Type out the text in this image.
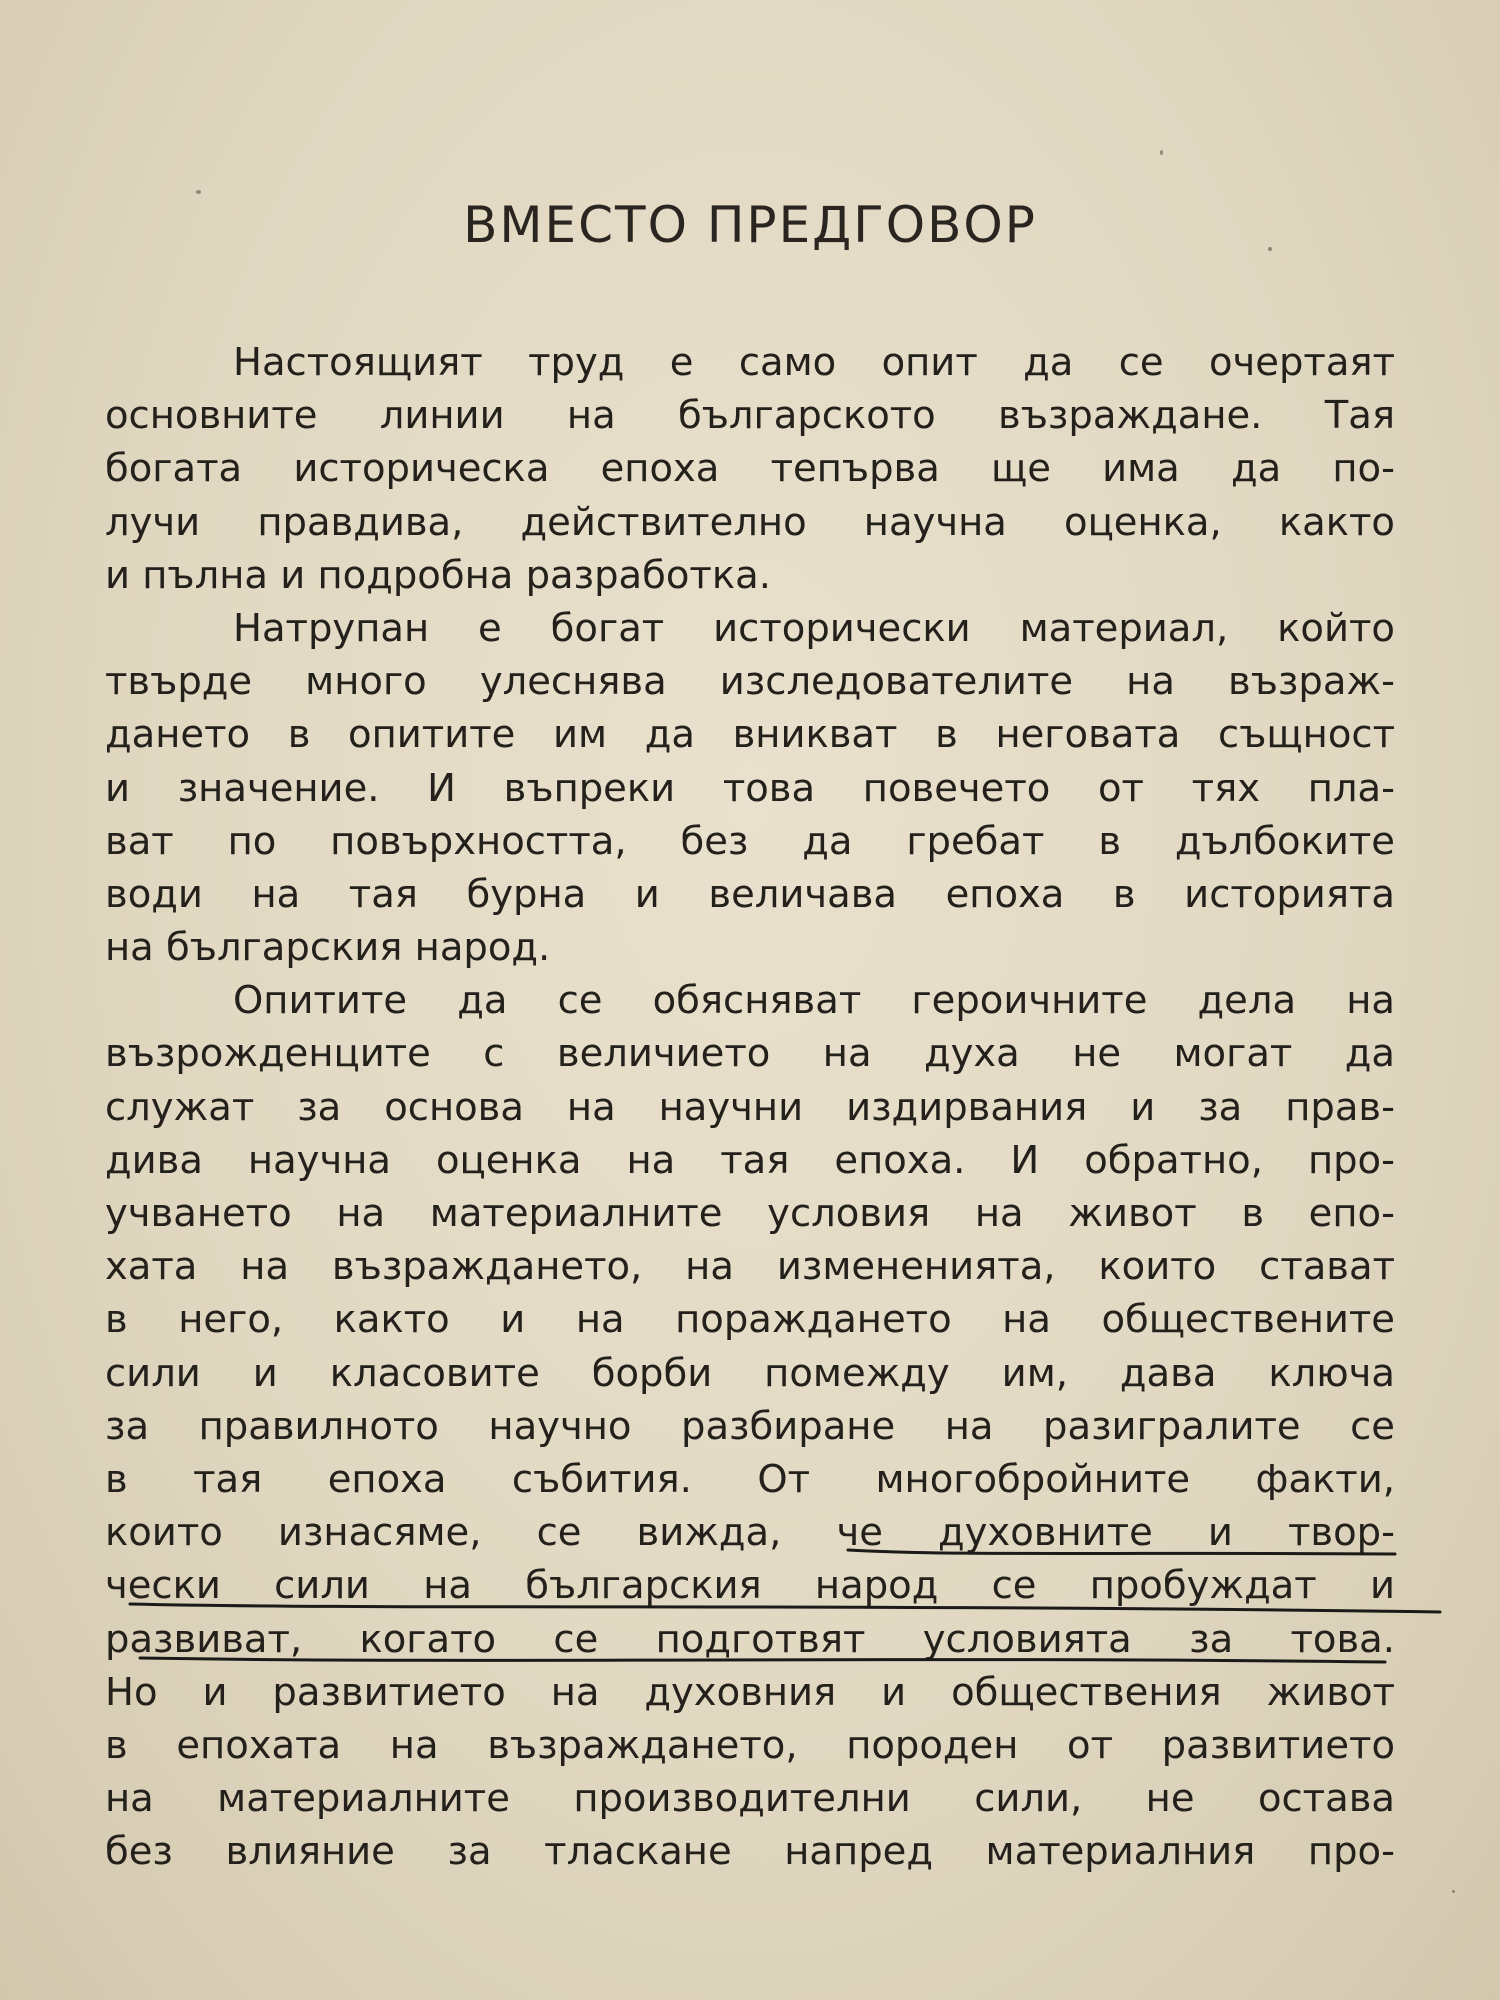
ВМЕСТО ПРЕДГОВОР
Настоящият труд е само опит да се очертаят
основните линии на българското възраждане. Тая
богата историческа епоха тепърва ще има да по-
лучи правдива, действително научна оценка, както
и пълна и подробна разработка.
Натрупан е богат исторически материал, който
твърде много улеснява изследователите на възраж-
дането в опитите им да вникват в неговата същност
и значение. И въпреки това повечето от тях пла-
ват по повърхността, без да гребат в дълбоките
води на тая бурна и величава епоха в историята
на българския народ.
Опитите да се обясняват героичните дела на
възрожденците с величието на духа не могат да
служат за основа на научни издирвания и за прав-
дива научна оценка на тая епоха. И обратно, про-
учването на материалните условия на живот в епо-
хата на възраждането, на измененията, които стават
в него, както и на пораждането на обществените
сили и класовите борби помежду им, дава ключа
за правилното научно разбиране на разигралите се
в тая епоха събития. От многобройните факти,
които изнасяме, се вижда, че духовните и твор-
чески сили на българския народ се пробуждат и
развиват, когато се подготвят условията за това.
Но и развитието на духовния и обществения живот
в епохата на възраждането, породен от развитието
на материалните производителни сили, не остава
без влияние за тласкане напред материалния про-
